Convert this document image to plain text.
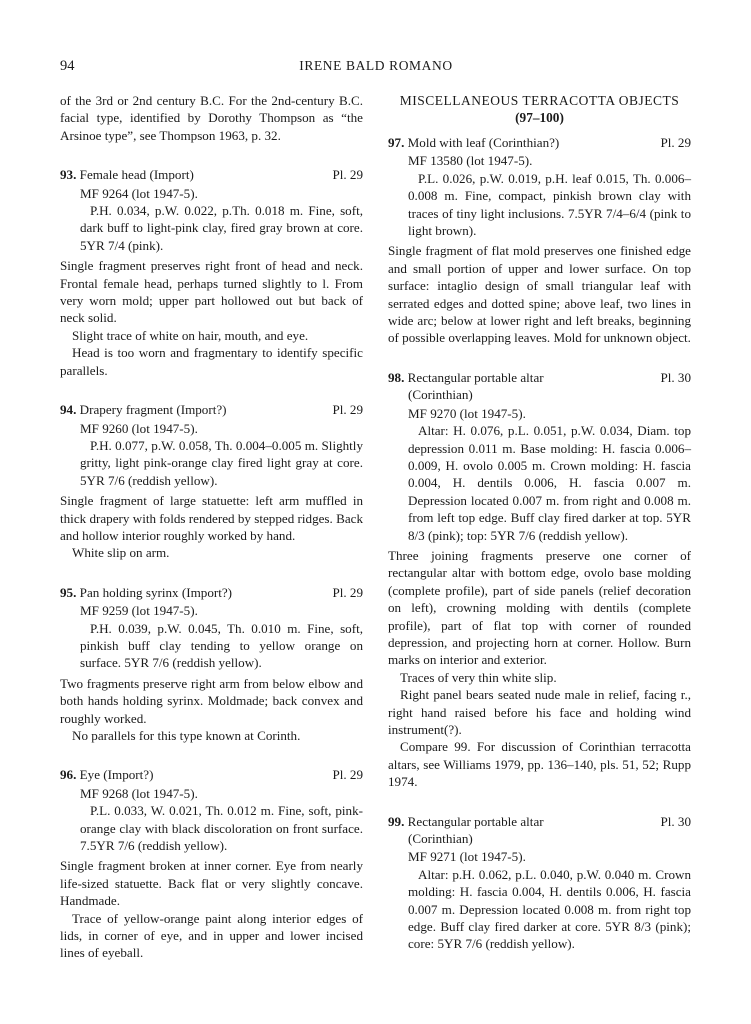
94	IRENE BALD ROMANO

of the 3rd or 2nd century B.C. For the 2nd-century B.C. facial type, identified by Dorothy Thompson as “the Arsinoe type”, see Thompson 1963, p. 32.

93. Female head (Import)	Pl. 29

MF 9264 (lot 1947-5).

P.H. 0.034, p.W. 0.022, p.Th. 0.018 m. Fine, soft, dark buff to light-pink clay, fired gray brown at core. 5YR 7/4 (pink).

Single fragment preserves right front of head and neck. Frontal female head, perhaps turned slightly to l. From very worn mold; upper part hollowed out but back of neck solid.

Slight trace of white on hair, mouth, and eye.

Head is too worn and fragmentary to identify specific parallels.

94. Drapery fragment (Import?)	Pl. 29

MF 9260 (lot 1947-5).

P.H. 0.077, p.W. 0.058, Th. 0.004–0.005 m. Slightly gritty, light pink-orange clay fired light gray at core. 5YR 7/6 (reddish yellow).

Single fragment of large statuette: left arm muffled in thick drapery with folds rendered by stepped ridges. Back and hollow interior roughly worked by hand.

White slip on arm.

95. Pan holding syrinx (Import?)	Pl. 29

MF 9259 (lot 1947-5).

P.H. 0.039, p.W. 0.045, Th. 0.010 m. Fine, soft, pinkish buff clay tending to yellow orange on surface. 5YR 7/6 (reddish yellow).

Two fragments preserve right arm from below elbow and both hands holding syrinx. Moldmade; back convex and roughly worked.

No parallels for this type known at Corinth.

96. Eye (Import?)	Pl. 29

MF 9268 (lot 1947-5).

P.L. 0.033, W. 0.021, Th. 0.012 m. Fine, soft, pink-orange clay with black discoloration on front surface. 7.5YR 7/6 (reddish yellow).

Single fragment broken at inner corner. Eye from nearly life-sized statuette. Back flat or very slightly concave. Handmade.

Trace of yellow-orange paint along interior edges of lids, in corner of eye, and in upper and lower incised lines of eyeball.

MISCELLANEOUS TERRACOTTA OBJECTS
(97–100)
97. Mold with leaf (Corinthian?)	Pl. 29

MF 13580 (lot 1947-5).

P.L. 0.026, p.W. 0.019, p.H. leaf 0.015, Th. 0.006–0.008 m. Fine, compact, pinkish brown clay with traces of tiny light inclusions. 7.5YR 7/4–6/4 (pink to light brown).

Single fragment of flat mold preserves one finished edge and small portion of upper and lower surface. On top surface: intaglio design of small triangular leaf with serrated edges and dotted spine; above leaf, two lines in wide arc; below at lower right and left breaks, beginning of possible overlapping leaves. Mold for unknown object.

98. Rectangular portable altar	Pl. 30
(Corinthian)

MF 9270 (lot 1947-5).

Altar: H. 0.076, p.L. 0.051, p.W. 0.034, Diam. top depression 0.011 m. Base molding: H. fascia 0.006–0.009, H. ovolo 0.005 m. Crown molding: H. fascia 0.004, H. dentils 0.006, H. fascia 0.007 m. Depression located 0.007 m. from right and 0.008 m. from left top edge. Buff clay fired darker at top. 5YR 8/3 (pink); top: 5YR 7/6 (reddish yellow).

Three joining fragments preserve one corner of rectangular altar with bottom edge, ovolo base molding (complete profile), part of side panels (relief decoration on left), crowning molding with dentils (complete profile), part of flat top with corner of rounded depression, and projecting horn at corner. Hollow. Burn marks on interior and exterior.

Traces of very thin white slip.

Right panel bears seated nude male in relief, facing r., right hand raised before his face and holding wind instrument(?).

Compare 99. For discussion of Corinthian terracotta altars, see Williams 1979, pp. 136–140, pls. 51, 52; Rupp 1974.

99. Rectangular portable altar	Pl. 30
(Corinthian)

MF 9271 (lot 1947-5).

Altar: p.H. 0.062, p.L. 0.040, p.W. 0.040 m. Crown molding: H. fascia 0.004, H. dentils 0.006, H. fascia 0.007 m. Depression located 0.008 m. from right top edge. Buff clay fired darker at core. 5YR 8/3 (pink); core: 5YR 7/6 (reddish yellow).
